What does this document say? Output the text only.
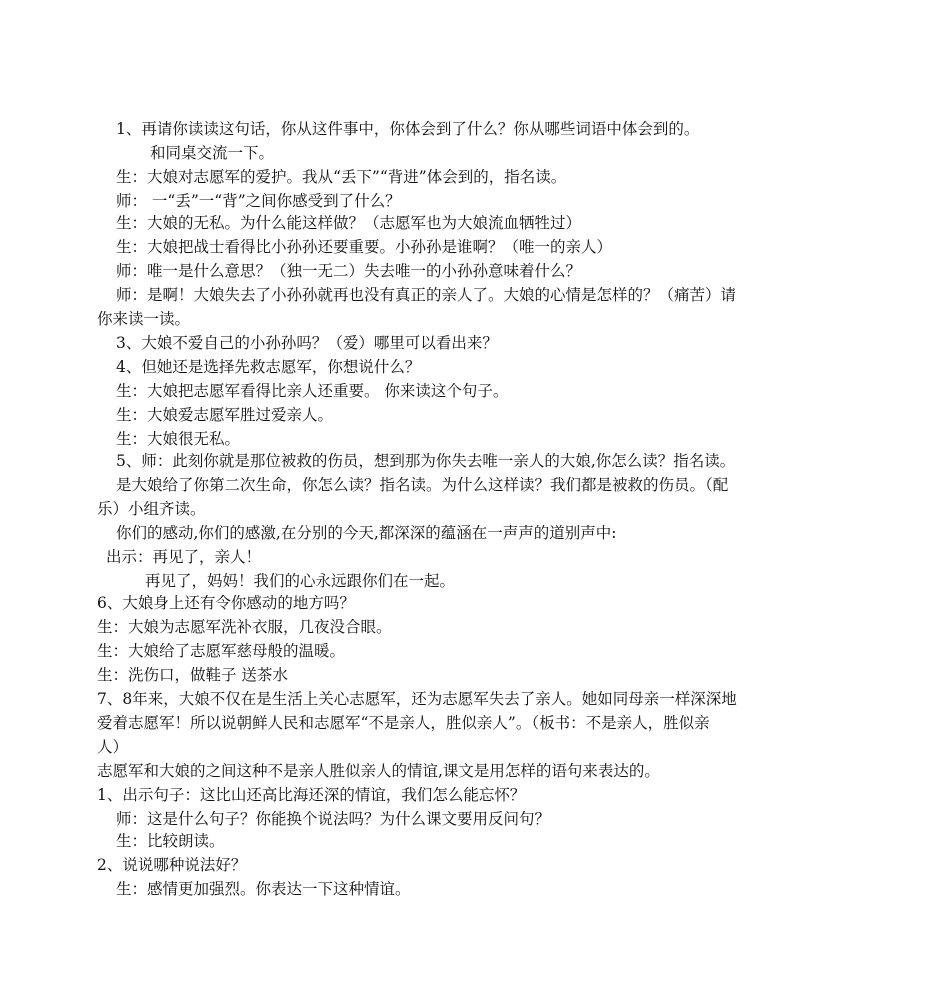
1、再请你读读这句话，你从这件事中，你体会到了什么？你从哪些词语中体会到的。
和同桌交流一下。
生：大娘对志愿军的爱护。我从“丢下”“背进”体会到的，指名读。
师： 一“丢”一“背”之间你感受到了什么？
生：大娘的无私。为什么能这样做？（志愿军也为大娘流血牺牲过）
生：大娘把战士看得比小孙孙还要重要。小孙孙是谁啊？（唯一的亲人）
师：唯一是什么意思？（独一无二）失去唯一的小孙孙意味着什么？
师：是啊！大娘失去了小孙孙就再也没有真正的亲人了。大娘的心情是怎样的？（痛苦）请
你来读一读。
3、大娘不爱自己的小孙孙吗？（爱）哪里可以看出来？
4、但她还是选择先救志愿军，你想说什么？
生：大娘把志愿军看得比亲人还重要。 你来读这个句子。
生：大娘爱志愿军胜过爱亲人。
生：大娘很无私。
5、师：此刻你就是那位被救的伤员，想到那为你失去唯一亲人的大娘,你怎么读？指名读。
是大娘给了你第二次生命，你怎么读？指名读。为什么这样读？我们都是被救的伤员。（配
乐）小组齐读。
你们的感动,你们的感激,在分别的今天,都深深的蕴涵在一声声的道别声中:
出示：再见了，亲人！
再见了，妈妈！我们的心永远跟你们在一起。
6、大娘身上还有令你感动的地方吗？
生：大娘为志愿军洗补衣服，几夜没合眼。
生：大娘给了志愿军慈母般的温暖。
生：洗伤口，做鞋子 送茶水
7、8年来，大娘不仅在是生活上关心志愿军，还为志愿军失去了亲人。她如同母亲一样深深地
爱着志愿军！所以说朝鲜人民和志愿军“不是亲人，胜似亲人”。（板书：不是亲人，胜似亲
人）
志愿军和大娘的之间这种不是亲人胜似亲人的情谊,课文是用怎样的语句来表达的。
1、出示句子：这比山还高比海还深的情谊，我们怎么能忘怀？
师：这是什么句子？你能换个说法吗？为什么课文要用反问句？
生：比较朗读。
2、说说哪种说法好？
生：感情更加强烈。你表达一下这种情谊。
